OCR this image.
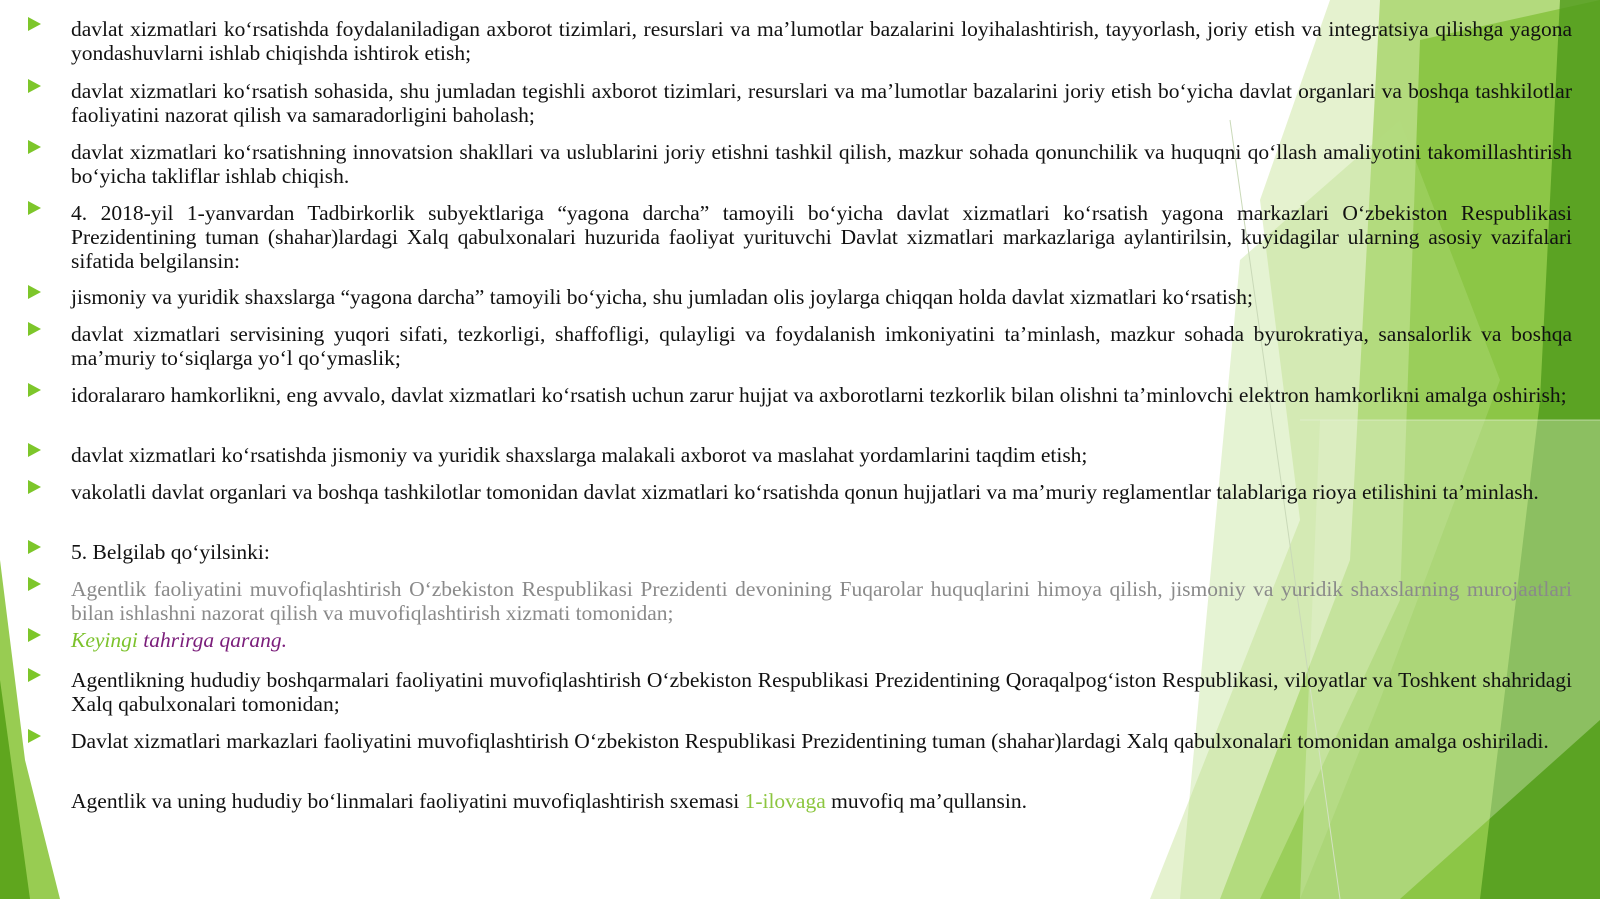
davlat xizmatlari ko‘rsatishda foydalaniladigan axborot tizimlari, resurslari va ma’lumotlar bazalarini loyihalashtirish, tayyorlash, joriy etish va integratsiya qilishga yagona yondashuvlarni ishlab chiqishda ishtirok etish;
davlat xizmatlari ko‘rsatish sohasida, shu jumladan tegishli axborot tizimlari, resurslari va ma’lumotlar bazalarini joriy etish bo‘yicha davlat organlari va boshqa tashkilotlar faoliyatini nazorat qilish va samaradorligini baholash;
davlat xizmatlari ko‘rsatishning innovatsion shakllari va uslublarini joriy etishni tashkil qilish, mazkur sohada qonunchilik va huquqni qo‘llash amaliyotini takomillashtirish bo‘yicha takliflar ishlab chiqish.
4. 2018-yil 1-yanvardan Tadbirkorlik subyektlariga “yagona darcha” tamoyili bo‘yicha davlat xizmatlari ko‘rsatish yagona markazlari O‘zbekiston Respublikasi Prezidentining tuman (shahar)lardagi Xalq qabulxonalari huzurida faoliyat yurituvchi Davlat xizmatlari markazlariga aylantirilsin, kuyidagilar ularning asosiy vazifalari sifatida belgilansin:
jismoniy va yuridik shaxslarga “yagona darcha” tamoyili bo‘yicha, shu jumladan olis joylarga chiqqan holda davlat xizmatlari ko‘rsatish;
davlat xizmatlari servisining yuqori sifati, tezkorligi, shaffofligi, qulayligi va foydalanish imkoniyatini ta’minlash, mazkur sohada byurokratiya, sansalorlik va boshqa ma’muriy to‘siqlarga yo‘l qo‘ymaslik;
idoralararo hamkorlikni, eng avvalo, davlat xizmatlari ko‘rsatish uchun zarur hujjat va axborotlarni tezkorlik bilan olishni ta’minlovchi elektron hamkorlikni amalga oshirish;
davlat xizmatlari ko‘rsatishda jismoniy va yuridik shaxslarga malakali axborot va maslahat yordamlarini taqdim etish;
vakolatli davlat organlari va boshqa tashkilotlar tomonidan davlat xizmatlari ko‘rsatishda qonun hujjatlari va ma’muriy reglamentlar talablariga rioya etilishini ta’minlash.
5. Belgilab qo‘yilsinki:
Agentlik faoliyatini muvofiqlashtirish O‘zbekiston Respublikasi Prezidenti devonining Fuqarolar huquqlarini himoya qilish, jismoniy va yuridik shaxslarning murojaatlari bilan ishlashni nazorat qilish va muvofiqlashtirish xizmati tomonidan;
Keyingi tahrirga qarang.
Agentlikning hududiy boshqarmalari faoliyatini muvofiqlashtirish O‘zbekiston Respublikasi Prezidentining Qoraqalpog‘iston Respublikasi, viloyatlar va Toshkent shahridagi Xalq qabulxonalari tomonidan;
Davlat xizmatlari markazlari faoliyatini muvofiqlashtirish O‘zbekiston Respublikasi Prezidentining tuman (shahar)lardagi Xalq qabulxonalari tomonidan amalga oshiriladi.
Agentlik va uning hududiy bo‘linmalari faoliyatini muvofiqlashtirish sxemasi 1-ilovaga muvofiq ma’qullansin.
